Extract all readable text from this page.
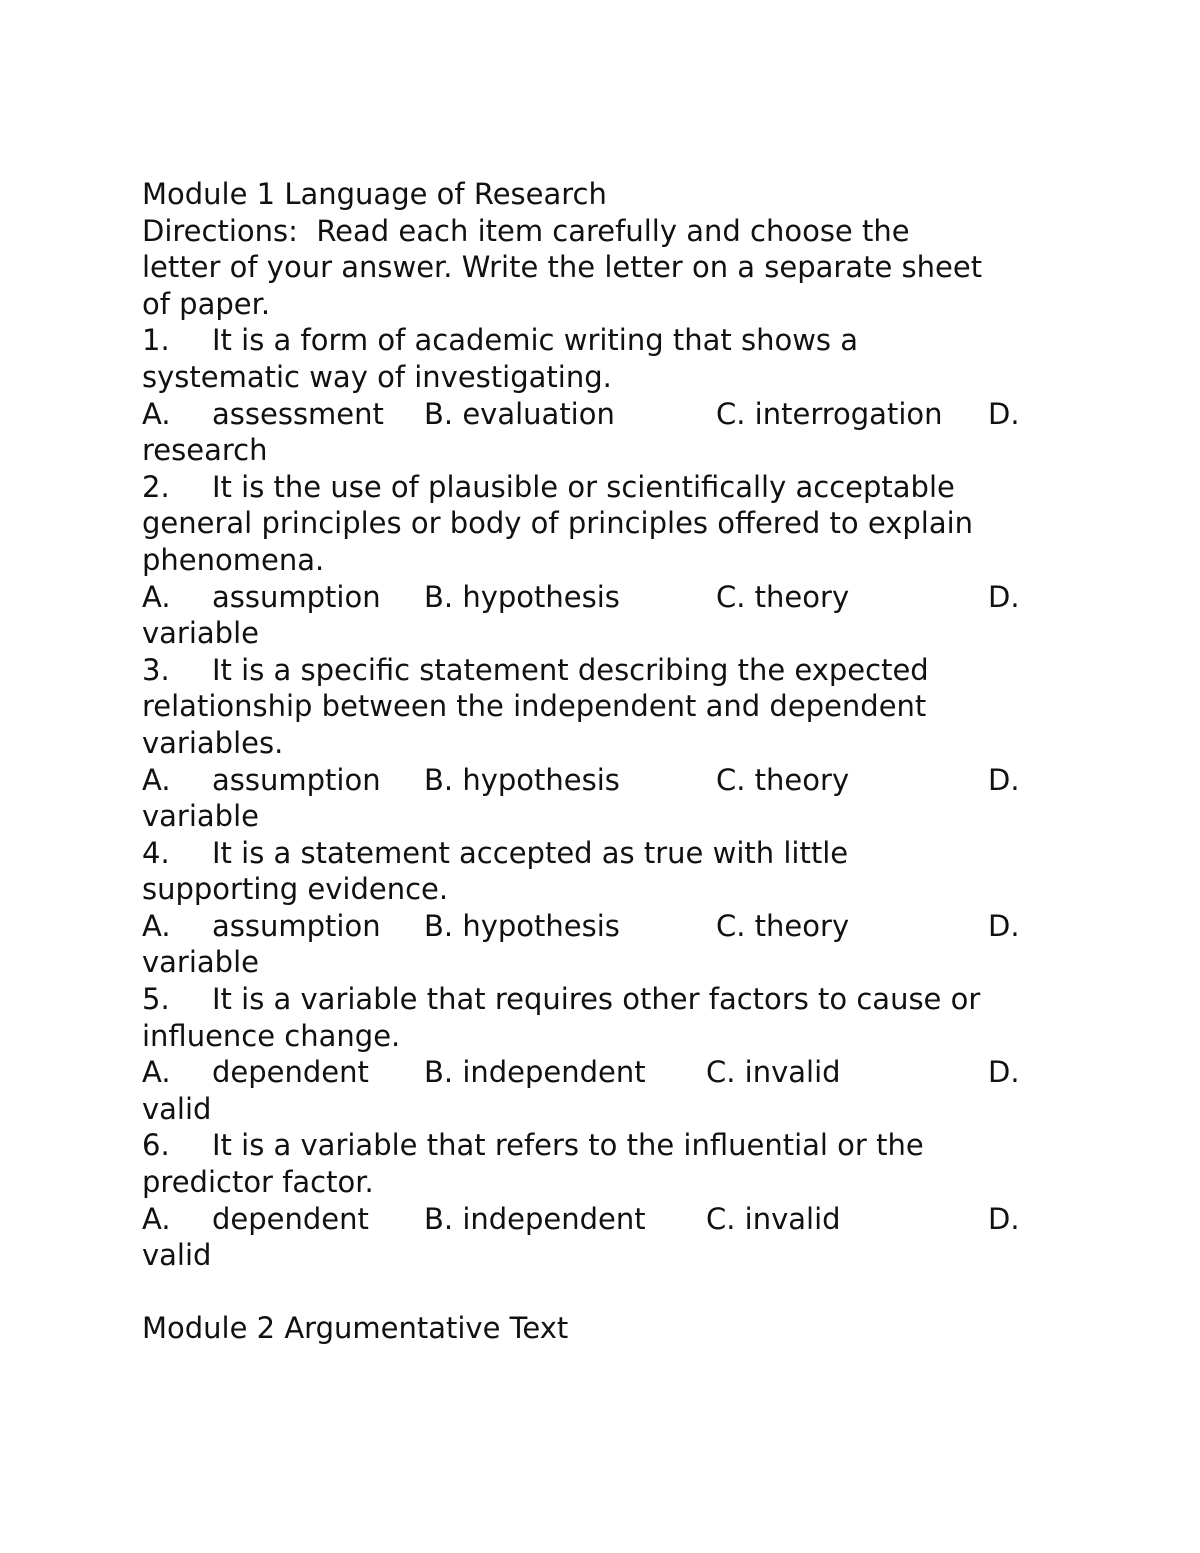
Module 1 Language of Research
Directions:  Read each item carefully and choose the
letter of your answer. Write the letter on a separate sheet
of paper.
1. It is a form of academic writing that shows a
systematic way of investigating.
A. assessment B. evaluation	C. interrogation D.
research
2. It is the use of plausible or scientifically acceptable
general principles or body of principles offered to explain
phenomena.
A. assumption B. hypothesis	C. theory	D.
variable
3. It is a specific statement describing the expected
relationship between the independent and dependent
variables.
A. assumption B. hypothesis	C. theory	D.
variable
4. It is a statement accepted as true with little
supporting evidence.
A. assumption B. hypothesis	C. theory	D.
variable
5. It is a variable that requires other factors to cause or
influence change.
A. dependent B. independent C. invalid	D.
valid
6. It is a variable that refers to the influential or the
predictor factor.
A. dependent B. independent C. invalid	D.
valid
Module 2 Argumentative Text
